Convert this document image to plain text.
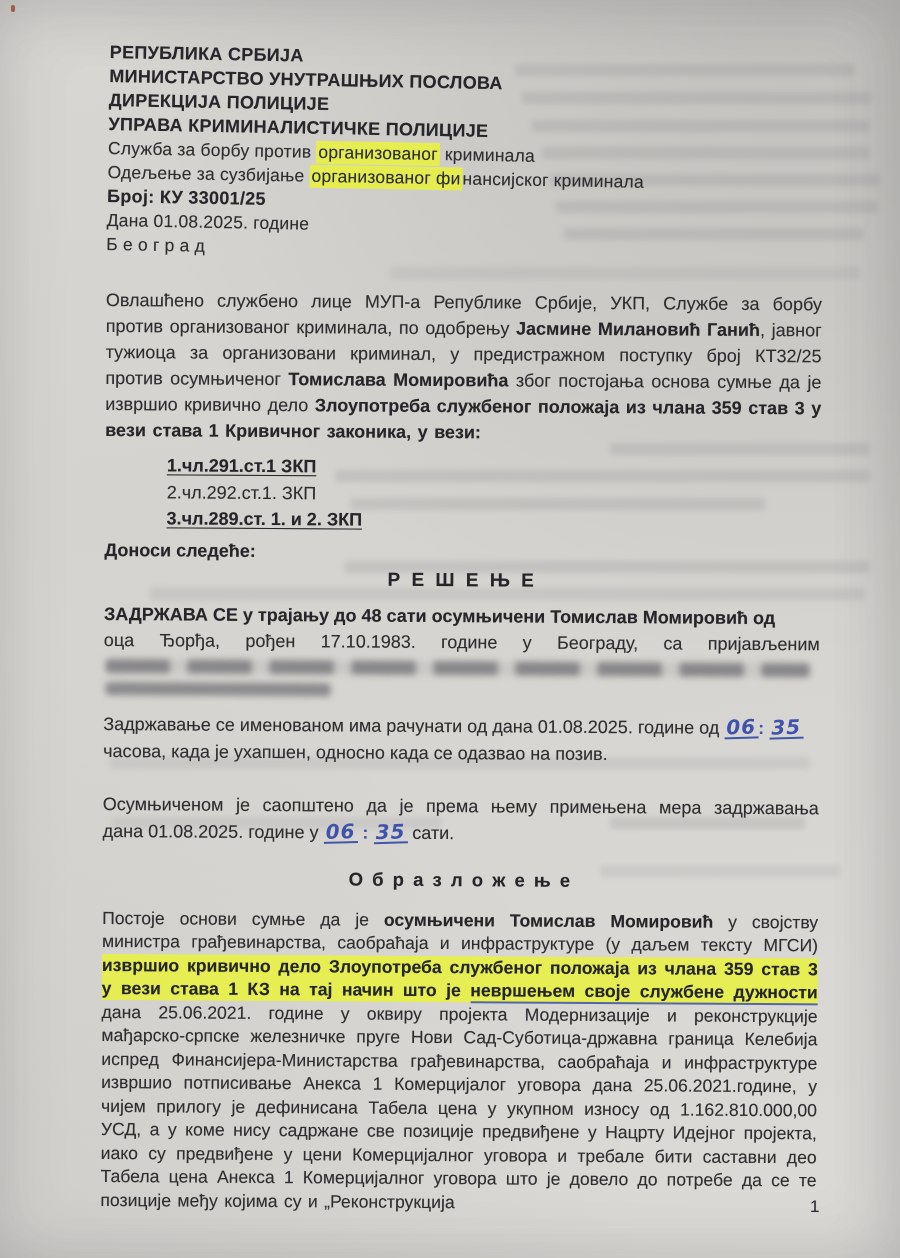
РЕПУБЛИКА СРБИЈА
МИНИСТАРСТВО УНУТРАШЊИХ ПОСЛОВА
ДИРЕКЦИЈА ПОЛИЦИЈЕ
УПРАВА КРИМИНАЛИСТИЧКЕ ПОЛИЦИЈЕ
Служба за борбу против организованог криминала
Одељење за сузбијање организованог финансијског криминала
Број: КУ 33001/25
Дана 01.08.2025. године
Б е о г р а д

Овлашћено службено лице МУП-а Републике Србије, УКП, Службе за борбу против организованог криминала, по одобрењу Јасмине Милановић Ганић, јавног тужиоца за организовани криминал, у предистражном поступку број КТ32/25 против осумњиченог Томислава Момировића због постојања основа сумње да је извршио кривично дело Злоупотреба службеног положаја из члана 359 став 3 у вези става 1 Кривичног законика, у вези:

1.чл.291.ст.1 ЗКП
2.чл.292.ст.1. ЗКП
3.чл.289.ст. 1. и 2. ЗКП

Доноси следеће:

Р Е Ш Е Њ Е

ЗАДРЖАВА СЕ у трајању до 48 сати осумњичени Томислав Момировић од
оца Ђорђа, рођен 17.10.1983. године у Београду, са пријављеним

Задржавање се именованом има рачунати од дана 01.08.2025. године од 06: 35
часова, када је ухапшен, односно када се одазвао на позив.

Осумњиченом је саопштено да је према њему примењена мера задржавања
дана 01.08.2025. године у 06 : 35 сати.

О б р а з л о ж е њ е

Постоје основи сумње да је осумњичени Томислав Момировић у својству министра грађевинарства, саобраћаја и инфраструктуре (у даљем тексту МГСИ) извршио кривично дело Злоупотреба службеног положаја из члана 359 став 3 у вези става 1 КЗ на тај начин што је невршењем своје службене дужности дана 25.06.2021. године у оквиру пројекта Модернизације и реконструкције мађарско-српске железничке пруге Нови Сад-Суботица-државна граница Келебија испред Финансијера-Министарства грађевинарства, саобраћаја и инфраструктуре извршио потписивање Анекса 1 Комерцијалог уговора дана 25.06.2021.године, у чијем прилогу је дефинисана Табела цена у укупном износу од 1.162.810.000,00 УСД, а у коме нису садржане све позиције предвиђене у Нацрту Идејног пројекта, иако су предвиђене у цени Комерцијалног уговора и требале бити саставни део Табела цена Анекса 1 Комерцијалног уговора што је довело до потребе да се те позиције међу којима су и „Реконструкција	1
